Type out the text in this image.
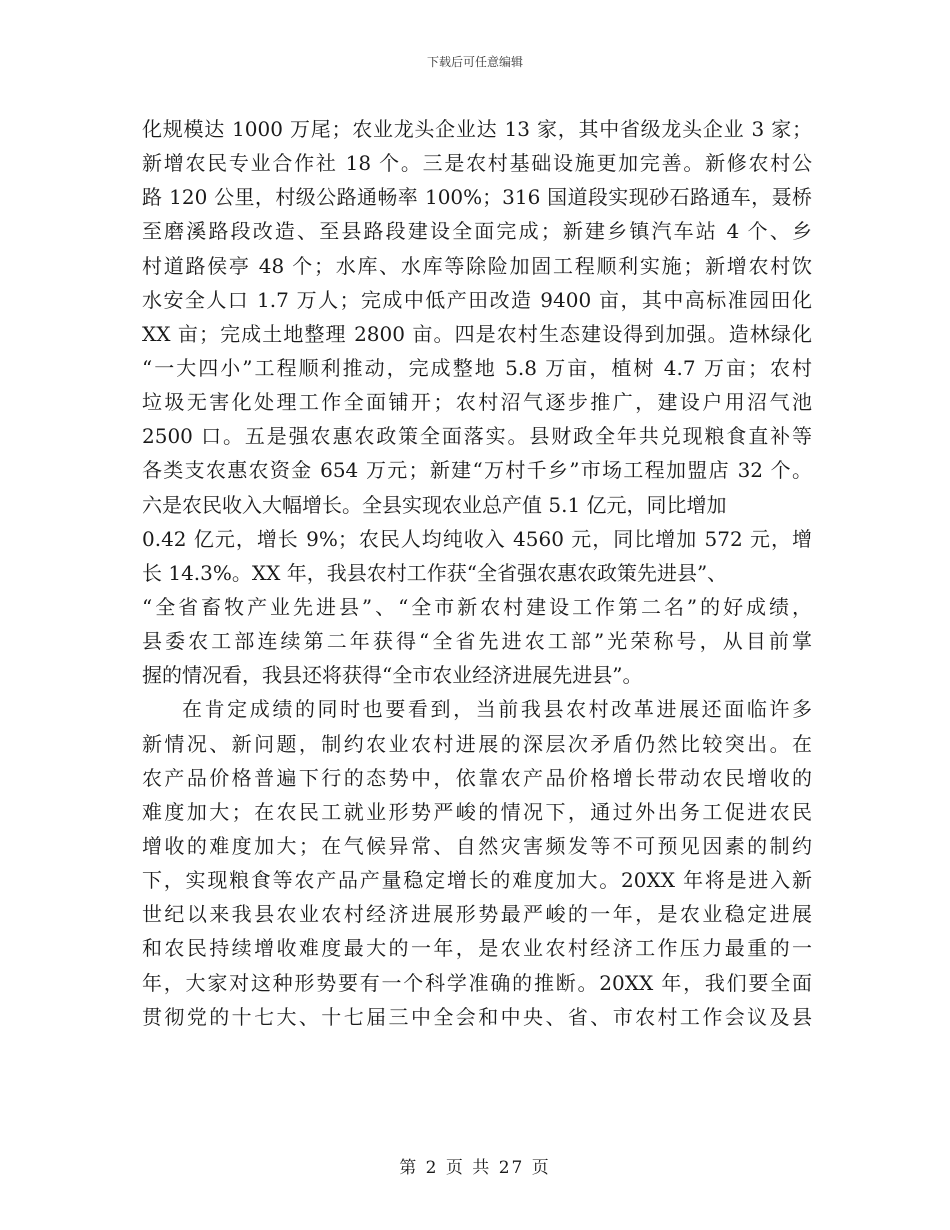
下载后可任意编辑
化规模达 1000 万尾；农业龙头企业达 13 家，其中省级龙头企业 3 家；
新增农民专业合作社 18 个。三是农村基础设施更加完善。新修农村公
路 120 公里，村级公路通畅率 100%；316 国道段实现砂石路通车，聂桥
至磨溪路段改造、至县路段建设全面完成；新建乡镇汽车站 4 个、乡
村道路侯亭 48 个；水库、水库等除险加固工程顺利实施；新增农村饮
水安全人口 1.7 万人；完成中低产田改造 9400 亩，其中高标准园田化
XX 亩；完成土地整理 2800 亩。四是农村生态建设得到加强。造林绿化
“一大四小”工程顺利推动，完成整地 5.8 万亩，植树 4.7 万亩；农村
垃圾无害化处理工作全面铺开；农村沼气逐步推广，建设户用沼气池
2500 口。五是强农惠农政策全面落实。县财政全年共兑现粮食直补等
各类支农惠农资金 654 万元；新建“万村千乡”市场工程加盟店 32 个。
六是农民收入大幅增长。全县实现农业总产值 5.1 亿元，同比增加
0.42 亿元，增长 9%；农民人均纯收入 4560 元，同比增加 572 元，增
长 14.3%。XX 年，我县农村工作获“全省强农惠农政策先进县”、
“全省畜牧产业先进县”、“全市新农村建设工作第二名”的好成绩，
县委农工部连续第二年获得“全省先进农工部”光荣称号，从目前掌
握的情况看，我县还将获得“全市农业经济进展先进县”。
在肯定成绩的同时也要看到，当前我县农村改革进展还面临许多
新情况、新问题，制约农业农村进展的深层次矛盾仍然比较突出。在
农产品价格普遍下行的态势中，依靠农产品价格增长带动农民增收的
难度加大；在农民工就业形势严峻的情况下，通过外出务工促进农民
增收的难度加大；在气候异常、自然灾害频发等不可预见因素的制约
下，实现粮食等农产品产量稳定增长的难度加大。20XX 年将是进入新
世纪以来我县农业农村经济进展形势最严峻的一年，是农业稳定进展
和农民持续增收难度最大的一年，是农业农村经济工作压力最重的一
年，大家对这种形势要有一个科学准确的推断。20XX 年，我们要全面
贯彻党的十七大、十七届三中全会和中央、省、市农村工作会议及县
第 2 页 共 27 页
